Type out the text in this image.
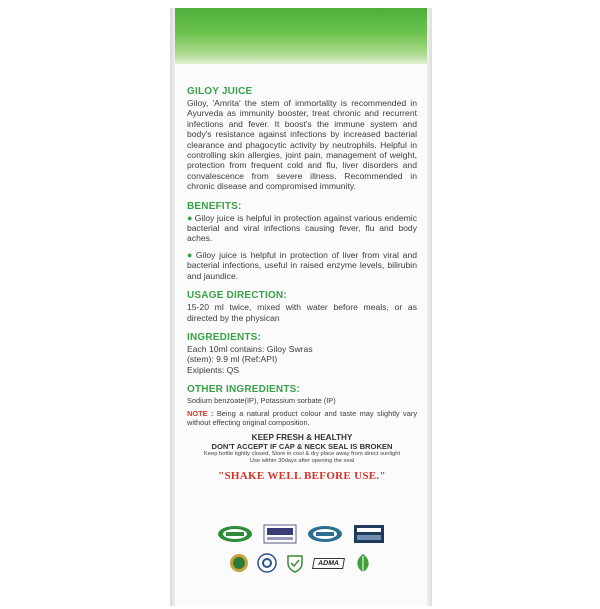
GILOY JUICE

Giloy, 'Amrita' the stem of immortality is recommended in Ayurveda as immunity booster, treat chronic and recurrent infections and fever. It boost's the immune system and body's resistance against infections by increased bacterial clearance and phagocytic activity by neutrophils. Helpful in controlling skin allergies, joint pain, management of weight, protection from frequent cold and flu, liver disorders and convalescence from severe illness. Recommended in chronic disease and compromised immunity.

BENEFITS:

● Giloy juice is helpful in protection against various endemic bacterial and viral infections causing fever, flu and body aches.

● Giloy juice is helpful in protection of liver from viral and bacterial infections, useful in raised enzyme levels, bilirubin and jaundice.

USAGE DIRECTION:

15-20 ml twice, mixed with water before meals, or as directed by the physican

INGREDIENTS:

Each 10ml contains: Giloy Swras

(stem): 9.9 ml (Ref:API)

Exipients: QS

OTHER INGREDIENTS:

Sodium benzoate(IP), Potassium sorbate (IP)

NOTE : Being a natural product colour and taste may slightly vary without effecting original composition.

KEEP FRESH & HEALTHY
DON'T ACCEPT IF CAP & NECK SEAL IS BROKEN
Keep bottle tightly closed, Store in cool & dry place away from direct sunlight
Use within 30days after opening the seal
"SHAKE WELL BEFORE USE."
ADMA
